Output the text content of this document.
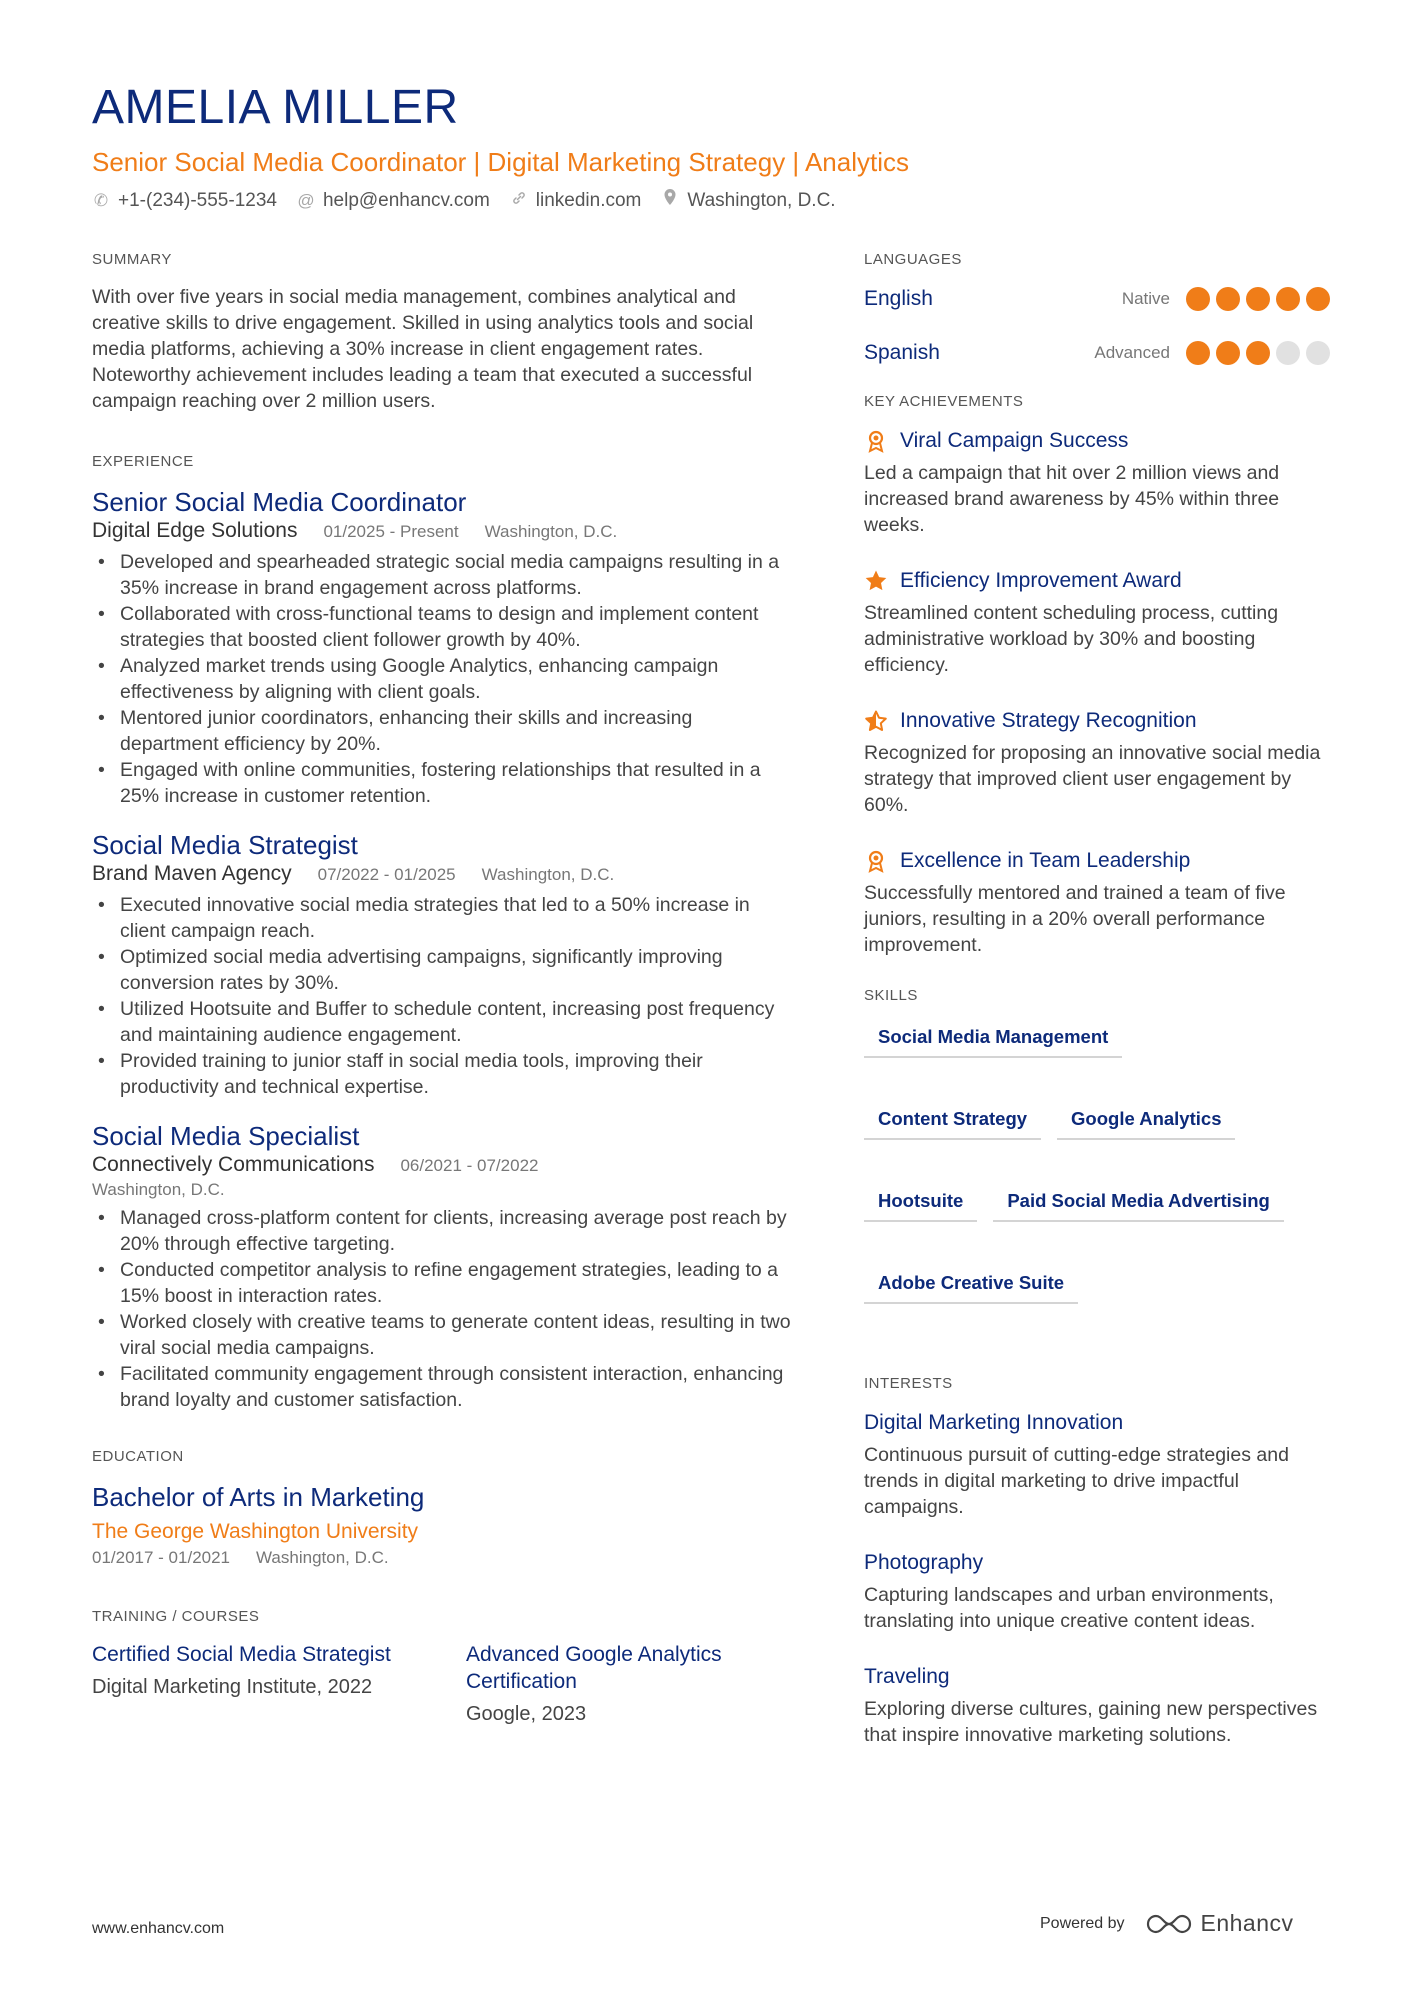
AMELIA MILLER
Senior Social Media Coordinator | Digital Marketing Strategy | Analytics
✆ +1-(234)-555-1234 @ help@enhancv.com linkedin.com Washington, D.C.
SUMMARY

With over five years in social media management, combines analytical and creative skills to drive engagement. Skilled in using analytics tools and social media platforms, achieving a 30% increase in client engagement rates. Noteworthy achievement includes leading a team that executed a successful campaign reaching over 2 million users.

EXPERIENCE
Senior Social Media Coordinator
Digital Edge Solutions 01/2025 - Present Washington, D.C.
• Developed and spearheaded strategic social media campaigns resulting in a 35% increase in brand engagement across platforms.
• Collaborated with cross-functional teams to design and implement content strategies that boosted client follower growth by 40%.
• Analyzed market trends using Google Analytics, enhancing campaign effectiveness by aligning with client goals.
• Mentored junior coordinators, enhancing their skills and increasing department efficiency by 20%.
• Engaged with online communities, fostering relationships that resulted in a 25% increase in customer retention.
Social Media Strategist
Brand Maven Agency 07/2022 - 01/2025 Washington, D.C.
• Executed innovative social media strategies that led to a 50% increase in client campaign reach.
• Optimized social media advertising campaigns, significantly improving conversion rates by 30%.
• Utilized Hootsuite and Buffer to schedule content, increasing post frequency and maintaining audience engagement.
• Provided training to junior staff in social media tools, improving their productivity and technical expertise.
Social Media Specialist
Connectively Communications 06/2021 - 07/2022
Washington, D.C.
• Managed cross-platform content for clients, increasing average post reach by 20% through effective targeting.
• Conducted competitor analysis to refine engagement strategies, leading to a 15% boost in interaction rates.
• Worked closely with creative teams to generate content ideas, resulting in two viral social media campaigns.
• Facilitated community engagement through consistent interaction, enhancing brand loyalty and customer satisfaction.
EDUCATION
Bachelor of Arts in Marketing
The George Washington University
01/2017 - 01/2021 Washington, D.C.
TRAINING / COURSES
Certified Social Media Strategist
Digital Marketing Institute, 2022
Advanced Google Analytics Certification
Google, 2023
LANGUAGES
English	Native
Spanish	Advanced
KEY ACHIEVEMENTS
Viral Campaign Success
Led a campaign that hit over 2 million views and increased brand awareness by 45% within three weeks.
Efficiency Improvement Award
Streamlined content scheduling process, cutting administrative workload by 30% and boosting efficiency.
Innovative Strategy Recognition
Recognized for proposing an innovative social media strategy that improved client user engagement by 60%.
Excellence in Team Leadership
Successfully mentored and trained a team of five juniors, resulting in a 20% overall performance improvement.
SKILLS
Social Media Management
Content Strategy	Google Analytics
Hootsuite	Paid Social Media Advertising
Adobe Creative Suite
INTERESTS
Digital Marketing Innovation
Continuous pursuit of cutting-edge strategies and trends in digital marketing to drive impactful campaigns.
Photography
Capturing landscapes and urban environments, translating into unique creative content ideas.
Traveling
Exploring diverse cultures, gaining new perspectives that inspire innovative marketing solutions.
www.enhancv.com	Powered by	Enhancv
